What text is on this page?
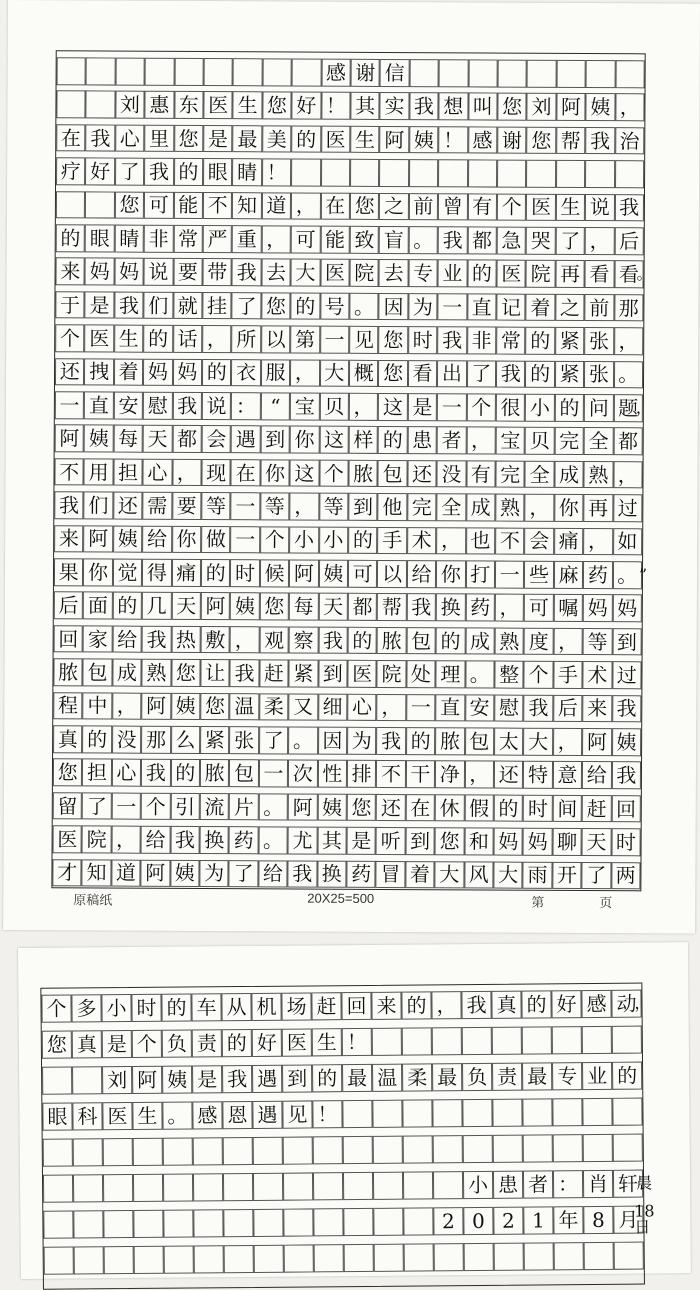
感 谢 信
刘 惠 东 医 生 您 好 ！ 其 实 我 想 叫 您 刘 阿 姨 ，
在 我 心 里 您 是 最 美 的 医 生 阿 姨 ！ 感 谢 您 帮 我 治
疗 好 了 我 的 眼 睛 ！
您 可 能 不 知 道 ， 在 您 之 前 曾 有 个 医 生 说 我
的 眼 睛 非 常 严 重 ， 可 能 致 盲 。 我 都 急 哭 了 ， 后
来 妈 妈 说 要 带 我 去 大 医 院 去 专 业 的 医 院 再 看 看
。
于 是 我 们 就 挂 了 您 的 号 。 因 为 一 直 记 着 之 前 那
个 医 生 的 话 ， 所 以 第 一 见 您 时 我 非 常 的 紧 张 ，
还 拽 着 妈 妈 的 衣 服 ， 大 概 您 看 出 了 我 的 紧 张 。
一 直 安 慰 我 说 ： “ 宝 贝 ， 这 是 一 个 很 小 的 问 题
，
阿 姨 每 天 都 会 遇 到 你 这 样 的 患 者 ， 宝 贝 完 全 都
不 用 担 心 ， 现 在 你 这 个 脓 包 还 没 有 完 全 成 熟 ，
我 们 还 需 要 等 一 等 ， 等 到 他 完 全 成 熟 ， 你 再 过
来 阿 姨 给 你 做 一 个 小 小 的 手 术 ， 也 不 会 痛 ， 如
果 你 觉 得 痛 的 时 候 阿 姨 可 以 给 你 打 一 些 麻 药 。 ”
后 面 的 几 天 阿 姨 您 每 天 都 帮 我 换 药 ， 可 嘱 妈 妈
回 家 给 我 热 敷 ， 观 察 我 的 脓 包 的 成 熟 度 ， 等 到
脓 包 成 熟 您 让 我 赶 紧 到 医 院 处 理 。 整 个 手 术 过
程 中 ， 阿 姨 您 温 柔 又 细 心 ， 一 直 安 慰 我 后 来 我
真 的 没 那 么 紧 张 了 。 因 为 我 的 脓 包 太 大 ， 阿 姨
您 担 心 我 的 脓 包 一 次 性 排 不 干 净 ， 还 特 意 给 我
留 了 一 个 引 流 片 。 阿 姨 您 还 在 休 假 的 时 间 赶 回
医 院 ， 给 我 换 药 。 尤 其 是 听 到 您 和 妈 妈 聊 天 时
才 知 道 阿 姨 为 了 给 我 换 药 冒 着 大 风 大 雨 开 了 两
原稿纸	20X25=500	第	页
个 多 小 时 的 车 从 机 场 赶 回 来 的 ， 我 真 的 好 感 动
，
您 真 是 个 负 责 的 好 医 生 ！
刘 阿 姨 是 我 遇 到 的 最 温 柔 最 负 责 最 专 业 的
眼 科 医 生 。 感 恩 遇 见 ！
小 患 者 ： 肖 轩
晨
2 0 2 1 年 8 月
18日
